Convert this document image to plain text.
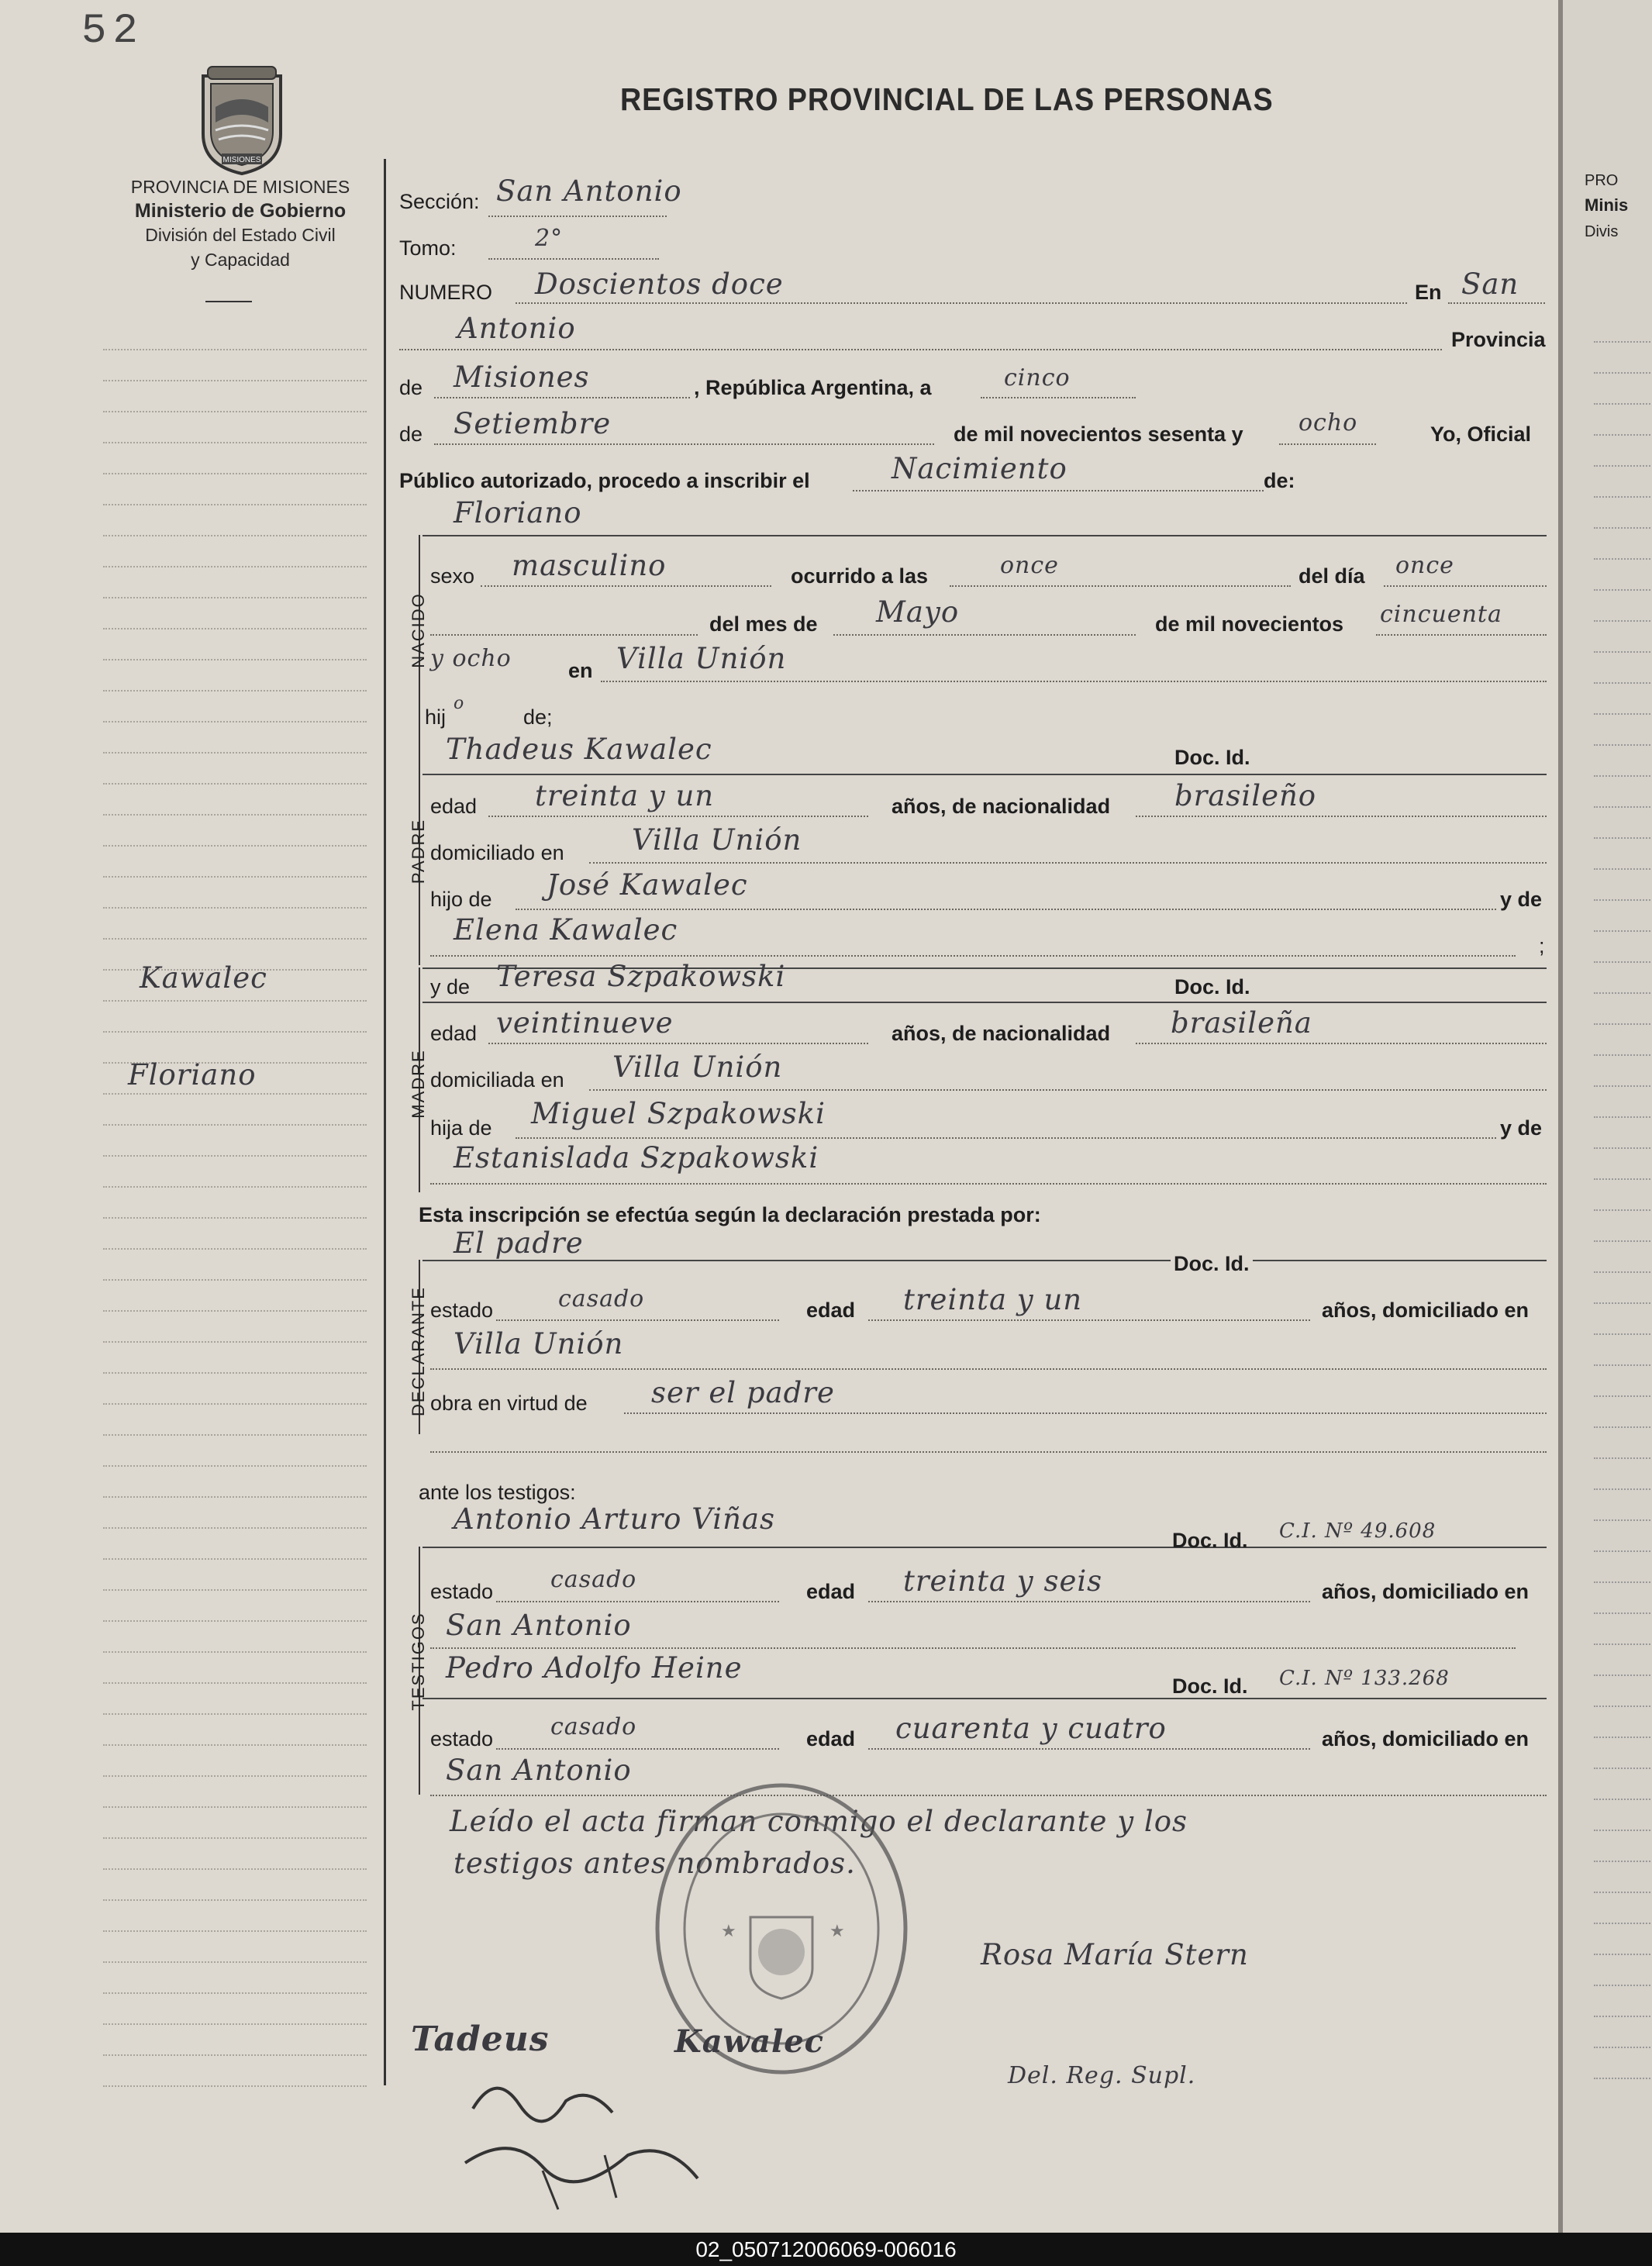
52
REGISTRO PROVINCIAL DE LAS PERSONAS
MISIONES
PROVINCIA DE MISIONES
Ministerio de Gobierno
División del Estado Civil
y Capacidad
Kawalec
Floriano
Sección: San Antonio
Tomo:	2°
NUMERO Doscientos doce	En San
Antonio	Provincia
de Misiones	, República Argentina, a	cinco
de Setiembre	de mil novecientos sesenta y ocho	Yo, Oficial
Público autorizado, procedo a inscribir el	Nacimiento	de:
Floriano
NACIDO
sexo masculino	ocurrido a las	once	del día once
del mes de Mayo	de mil novecientos cincuenta
y ocho	en Villa Unión
hij
o
de;
PADRE
Thadeus Kawalec	Doc. Id.
edad treinta y un	años, de nacionalidad brasileño
domiciliado en Villa Unión
hijo de José Kawalec	y de
Elena Kawalec	;
MADRE
y de Teresa Szpakowski	Doc. Id.
edad veintinueve	años, de nacionalidad brasileña
domiciliada en Villa Unión
hija de Miguel Szpakowski	y de
Estanislada Szpakowski
Esta inscripción se efectúa según la declaración prestada por:
El padre
Doc. Id.
DECLARANTE estado	casado	edad treinta y un	años, domiciliado en
Villa Unión
obra en virtud de ser el padre
ante los testigos:
Antonio Arturo Viñas
Doc. Id. C.I. Nº 49.608
TESTIGOS
estado casado	edad treinta y seis	años, domiciliado en
San Antonio
Pedro Adolfo Heine
Doc. Id. C.I. Nº 133.268
estado casado	edad cuarenta y cuatro	años, domiciliado en
San Antonio
Leído el acta firman conmigo el declarante y los
testigos antes nombrados.
★	★
Rosa María Stern
Del. Reg. Supl.
Tadeus	Kawalec
PRO
Minis
Divis
02_050712006069-006016
